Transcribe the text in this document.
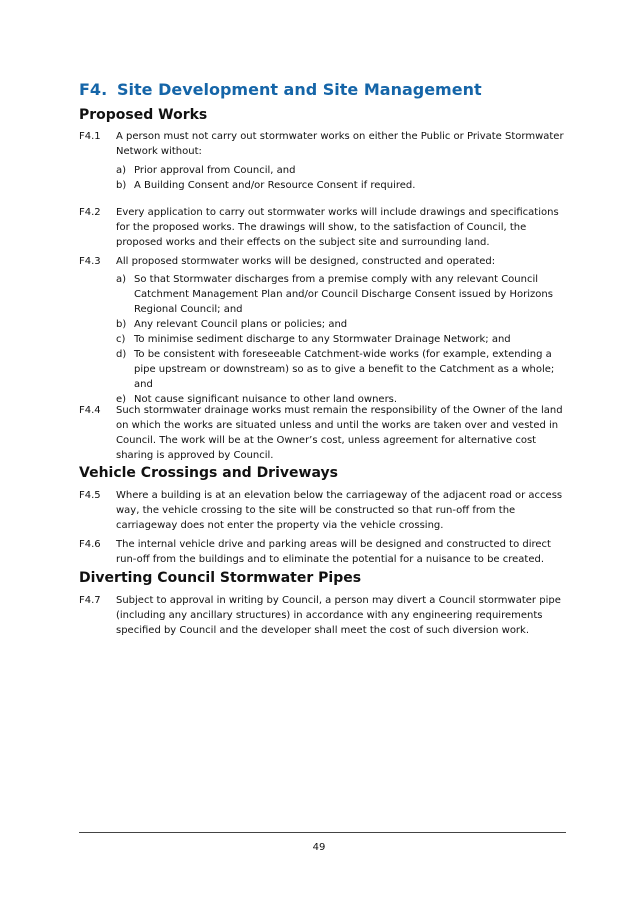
F4. Site Development and Site Management
Proposed Works
F4.1 A person must not carry out stormwater works on either the Public or Private Stormwater Network without:
a) Prior approval from Council, and
b) A Building Consent and/or Resource Consent if required.
F4.2 Every application to carry out stormwater works will include drawings and specifications for the proposed works. The drawings will show, to the satisfaction of Council, the proposed works and their effects on the subject site and surrounding land.
F4.3 All proposed stormwater works will be designed, constructed and operated:
a) So that Stormwater discharges from a premise comply with any relevant Council Catchment Management Plan and/or Council Discharge Consent issued by Horizons Regional Council; and
b) Any relevant Council plans or policies; and
c) To minimise sediment discharge to any Stormwater Drainage Network; and
d) To be consistent with foreseeable Catchment-wide works (for example, extending a pipe upstream or downstream) so as to give a benefit to the Catchment as a whole; and
e) Not cause significant nuisance to other land owners.
F4.4 Such stormwater drainage works must remain the responsibility of the Owner of the land on which the works are situated unless and until the works are taken over and vested in Council. The work will be at the Owner’s cost, unless agreement for alternative cost sharing is approved by Council.
Vehicle Crossings and Driveways
F4.5 Where a building is at an elevation below the carriageway of the adjacent road or access way, the vehicle crossing to the site will be constructed so that run-off from the carriageway does not enter the property via the vehicle crossing.
F4.6 The internal vehicle drive and parking areas will be designed and constructed to direct run-off from the buildings and to eliminate the potential for a nuisance to be created.
Diverting Council Stormwater Pipes
F4.7 Subject to approval in writing by Council, a person may divert a Council stormwater pipe (including any ancillary structures) in accordance with any engineering requirements specified by Council and the developer shall meet the cost of such diversion work.
49
